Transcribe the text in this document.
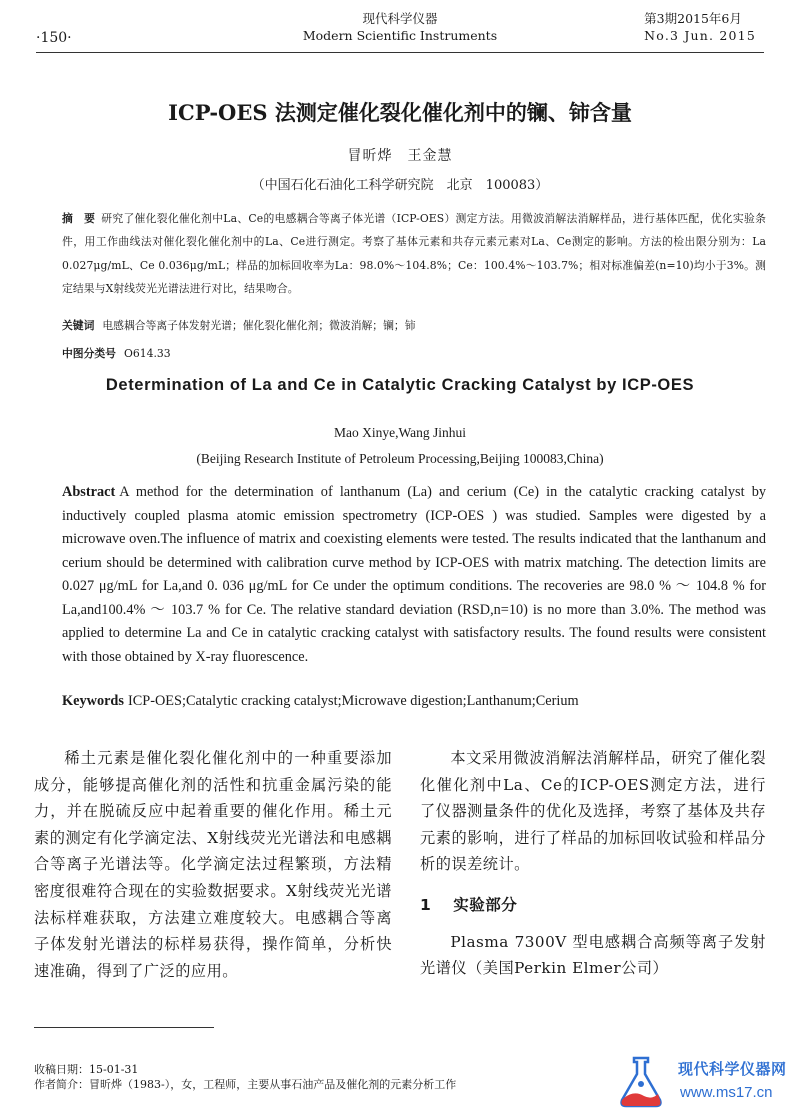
·150·
现代科学仪器
Modern Scientific Instruments
第3期2015年6月
No.3 Jun. 2015
ICP-OES 法测定催化裂化催化剂中的镧、铈含量
冒昕烨　王金慧
（中国石化石油化工科学研究院　北京　100083）
摘　要 研究了催化裂化催化剂中La、Ce的电感耦合等离子体光谱（ICP-OES）测定方法。用微波消解法消解样品，进行基体匹配，优化实验条件，用工作曲线法对催化裂化催化剂中的La、Ce进行测定。考察了基体元素和共存元素元素对La、Ce测定的影响。方法的检出限分别为：La 0.027μg/mL、Ce 0.036μg/mL；样品的加标回收率为La：98.0%～104.8%；Ce：100.4%～103.7%；相对标准偏差(n=10)均小于3%。测定结果与X射线荧光光谱法进行对比，结果吻合。
关键词 电感耦合等离子体发射光谱；催化裂化催化剂；微波消解；镧；铈
中图分类号 O614.33
Determination of La and Ce in Catalytic Cracking Catalyst by ICP-OES
Mao Xinye,Wang Jinhui
(Beijing Research Institute of Petroleum Processing,Beijing 100083,China)
Abstract A method for the determination of lanthanum (La) and cerium (Ce) in the catalytic cracking catalyst by inductively coupled plasma atomic emission spectrometry (ICP-OES ) was studied. Samples were digested by a microwave oven.The influence of matrix and coexisting elements were tested. The results indicated that the lanthanum and cerium should be determined with calibration curve method by ICP-OES with matrix matching. The detection limits are 0.027 μg/mL for La,and 0. 036 μg/mL for Ce under the optimum conditions. The recoveries are 98.0 % ～ 104.8 % for La,and100.4% ～ 103.7 % for Ce. The relative standard deviation (RSD,n=10) is no more than 3.0%. The method was applied to determine La and Ce in catalytic cracking catalyst with satisfactory results. The found results were consistent with those obtained by X-ray fluorescence.
Keywords ICP-OES;Catalytic cracking catalyst;Microwave digestion;Lanthanum;Cerium
稀土元素是催化裂化催化剂中的一种重要添加成分，能够提高催化剂的活性和抗重金属污染的能力，并在脱硫反应中起着重要的催化作用。稀土元素的测定有化学滴定法、X射线荧光光谱法和电感耦合等离子光谱法等。化学滴定法过程繁琐，方法精密度很难符合现在的实验数据要求。X射线荧光光谱法标样难获取，方法建立难度较大。电感耦合等离子体发射光谱法的标样易获得，操作简单，分析快速准确，得到了广泛的应用。

本文采用微波消解法消解样品，研究了催化裂化催化剂中La、Ce的ICP-OES测定方法，进行了仪器测量条件的优化及选择，考察了基体及共存元素的影响，进行了样品的加标回收试验和样品分析的误差统计。

1 实验部分

Plasma 7300V 型电感耦合高频等离子发射光谱仪（美国Perkin Elmer公司）

收稿日期：15-01-31
作者简介：冒昕烨（1983-），女，工程师，主要从事石油产品及催化剂的元素分析工作
现代科学仪器网
www.ms17.cn
